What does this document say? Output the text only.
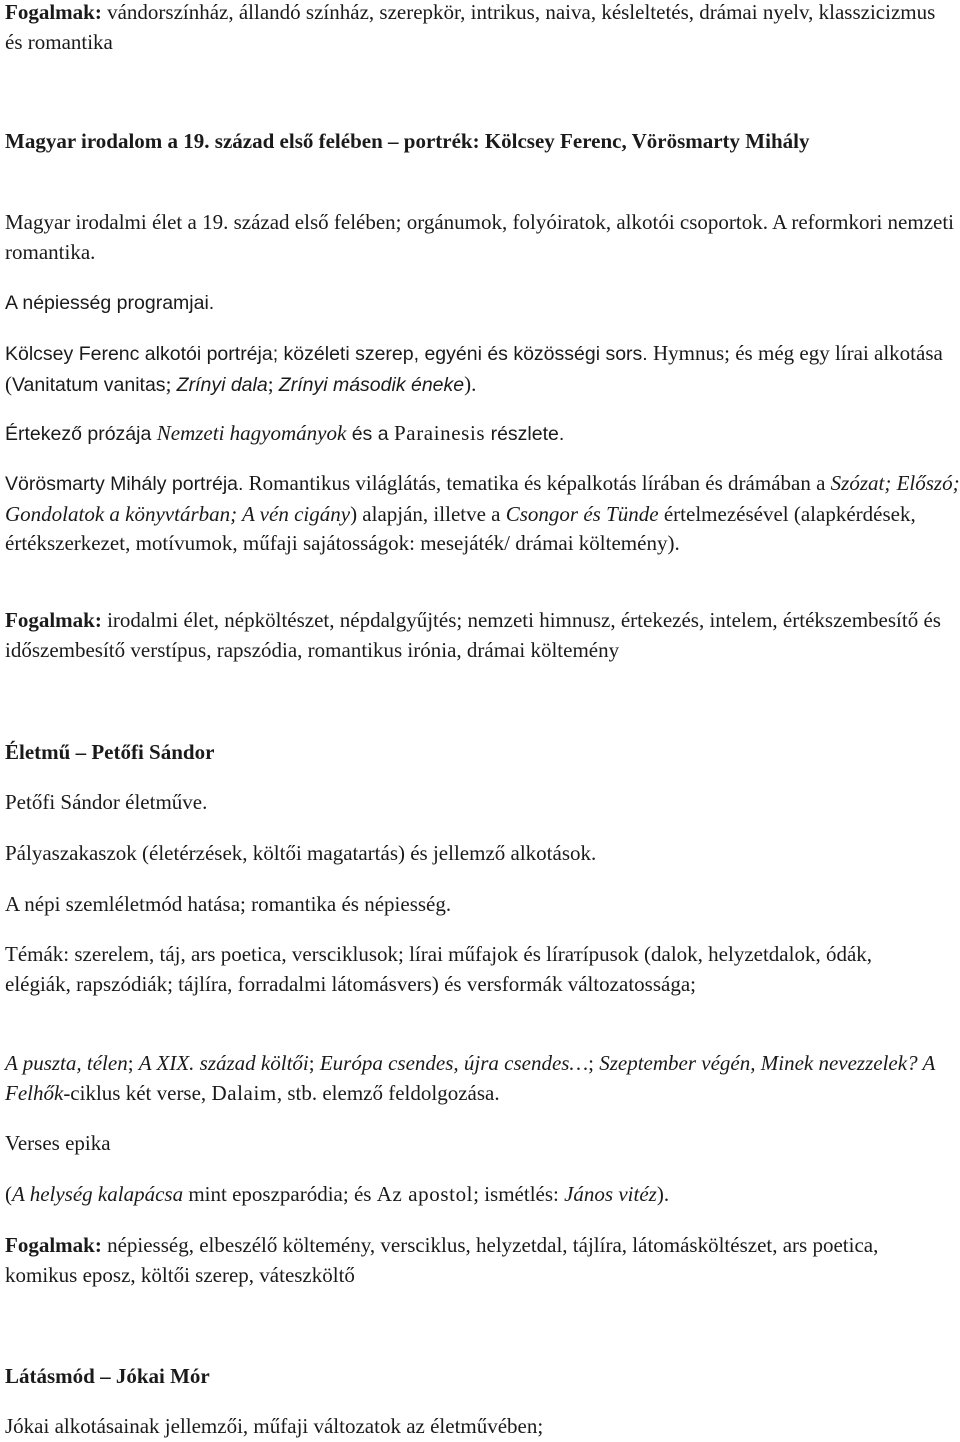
Fogalmak: vándorszínház, állandó színház, szerepkör, intrikus, naiva, késleltetés, drámai nyelv, klasszicizmus és romantika

Magyar irodalom a 19. század első felében – portrék: Kölcsey Ferenc, Vörösmarty Mihály

Magyar irodalmi élet a 19. század első felében; orgánumok, folyóiratok, alkotói csoportok. A reformkori nemzeti romantika.

A népiesség programjai.

Kölcsey Ferenc alkotói portréja; közéleti szerep, egyéni és közösségi sors. Hymnus; és még egy lírai alkotása (Vanitatum vanitas; Zrínyi dala; Zrínyi második éneke).

Értekező prózája Nemzeti hagyományok és a Parainesis részlete.

Vörösmarty Mihály portréja. Romantikus világlátás, tematika és képalkotás lírában és drámában a Szózat; Előszó; Gondolatok a könyvtárban; A vén cigány) alapján, illetve a Csongor és Tünde értelmezésével (alapkérdések, értékszerkezet, motívumok, műfaji sajátosságok: mesejáték/ drámai költemény).

Fogalmak: irodalmi élet, népköltészet, népdalgyűjtés; nemzeti himnusz, értekezés, intelem, értékszembesítő és időszembesítő verstípus, rapszódia, romantikus irónia, drámai költemény

Életmű – Petőfi Sándor

Petőfi Sándor életműve.

Pályaszakaszok (életérzések, költői magatartás) és jellemző alkotások.

A népi szemléletmód hatása; romantika és népiesség.

Témák: szerelem, táj, ars poetica, versciklusok; lírai műfajok és lírатípusok (dalok, helyzetdalok, ódák, elégiák, rapszódiák; tájlíra, forradalmi látomásvers) és versformák változatossága;

A puszta, télen; A XIX. század költői; Európa csendes, újra csendes…; Szeptember végén, Minek nevezzelek? A Felhők-ciklus két verse, Dalaim, stb. elemző feldolgozása.

Verses epika

(A helység kalapácsa mint eposzparódia; és Az apostol; ismétlés: János vitéz).

Fogalmak: népiesség, elbeszélő költemény, versciklus, helyzetdal, tájlíra, látomásköltészet, ars poetica, komikus eposz, költői szerep, váteszköltő

Látásmód – Jókai Mór

Jókai alkotásainak jellemzői, műfaji változatok az életművében;
